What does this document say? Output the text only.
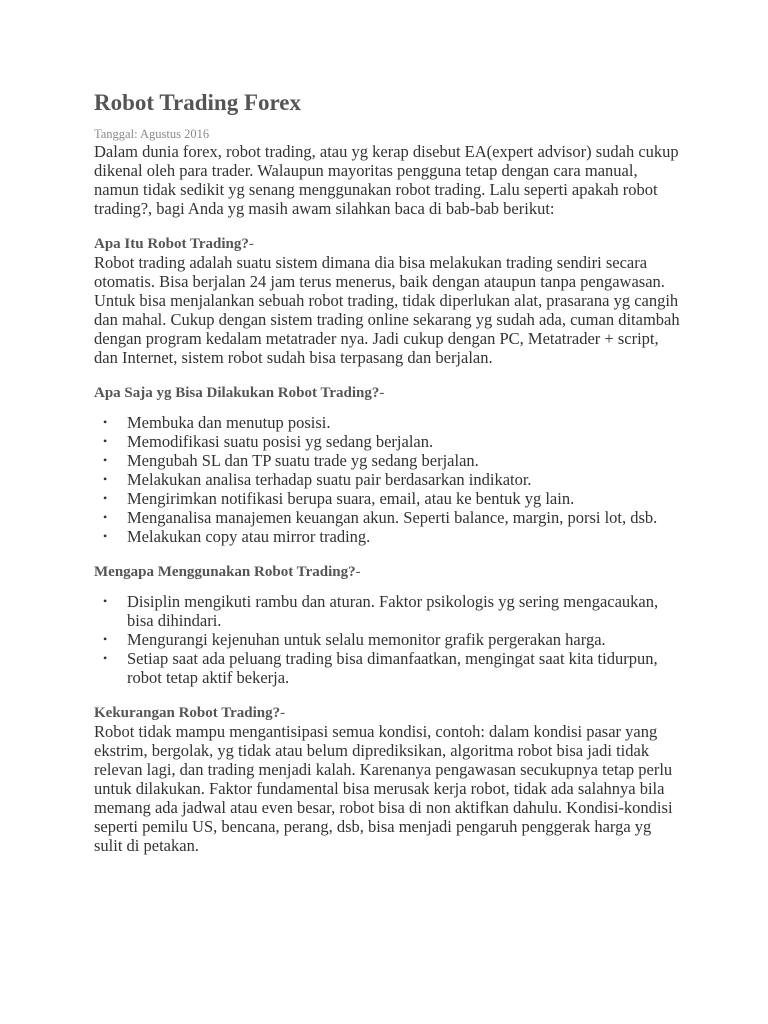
Robot Trading Forex
Tanggal: Agustus 2016

Dalam dunia forex, robot trading, atau yg kerap disebut EA(expert advisor) sudah cukup dikenal oleh para trader. Walaupun mayoritas pengguna tetap dengan cara manual, namun tidak sedikit yg senang menggunakan robot trading. Lalu seperti apakah robot trading?, bagi Anda yg masih awam silahkan baca di bab-bab berikut:

Apa Itu Robot Trading?-

Robot trading adalah suatu sistem dimana dia bisa melakukan trading sendiri secara otomatis. Bisa berjalan 24 jam terus menerus, baik dengan ataupun tanpa pengawasan. Untuk bisa menjalankan sebuah robot trading, tidak diperlukan alat, prasarana yg cangih dan mahal. Cukup dengan sistem trading online sekarang yg sudah ada, cuman ditambah dengan program kedalam metatrader nya. Jadi cukup dengan PC, Metatrader + script, dan Internet, sistem robot sudah bisa terpasang dan berjalan.

Apa Saja yg Bisa Dilakukan Robot Trading?-
• Membuka dan menutup posisi.
• Memodifikasi suatu posisi yg sedang berjalan.
• Mengubah SL dan TP suatu trade yg sedang berjalan.
• Melakukan analisa terhadap suatu pair berdasarkan indikator.
• Mengirimkan notifikasi berupa suara, email, atau ke bentuk yg lain.
• Menganalisa manajemen keuangan akun. Seperti balance, margin, porsi lot, dsb.
• Melakukan copy atau mirror trading.
Mengapa Menggunakan Robot Trading?-
• Disiplin mengikuti rambu dan aturan. Faktor psikologis yg sering mengacaukan, bisa dihindari.
• Mengurangi kejenuhan untuk selalu memonitor grafik pergerakan harga.
• Setiap saat ada peluang trading bisa dimanfaatkan, mengingat saat kita tidurpun, robot tetap aktif bekerja.
Kekurangan Robot Trading?-

Robot tidak mampu mengantisipasi semua kondisi, contoh: dalam kondisi pasar yang ekstrim, bergolak, yg tidak atau belum diprediksikan, algoritma robot bisa jadi tidak relevan lagi, dan trading menjadi kalah. Karenanya pengawasan secukupnya tetap perlu untuk dilakukan. Faktor fundamental bisa merusak kerja robot, tidak ada salahnya bila memang ada jadwal atau even besar, robot bisa di non aktifkan dahulu. Kondisi-kondisi seperti pemilu US, bencana, perang, dsb, bisa menjadi pengaruh penggerak harga yg sulit di petakan.
